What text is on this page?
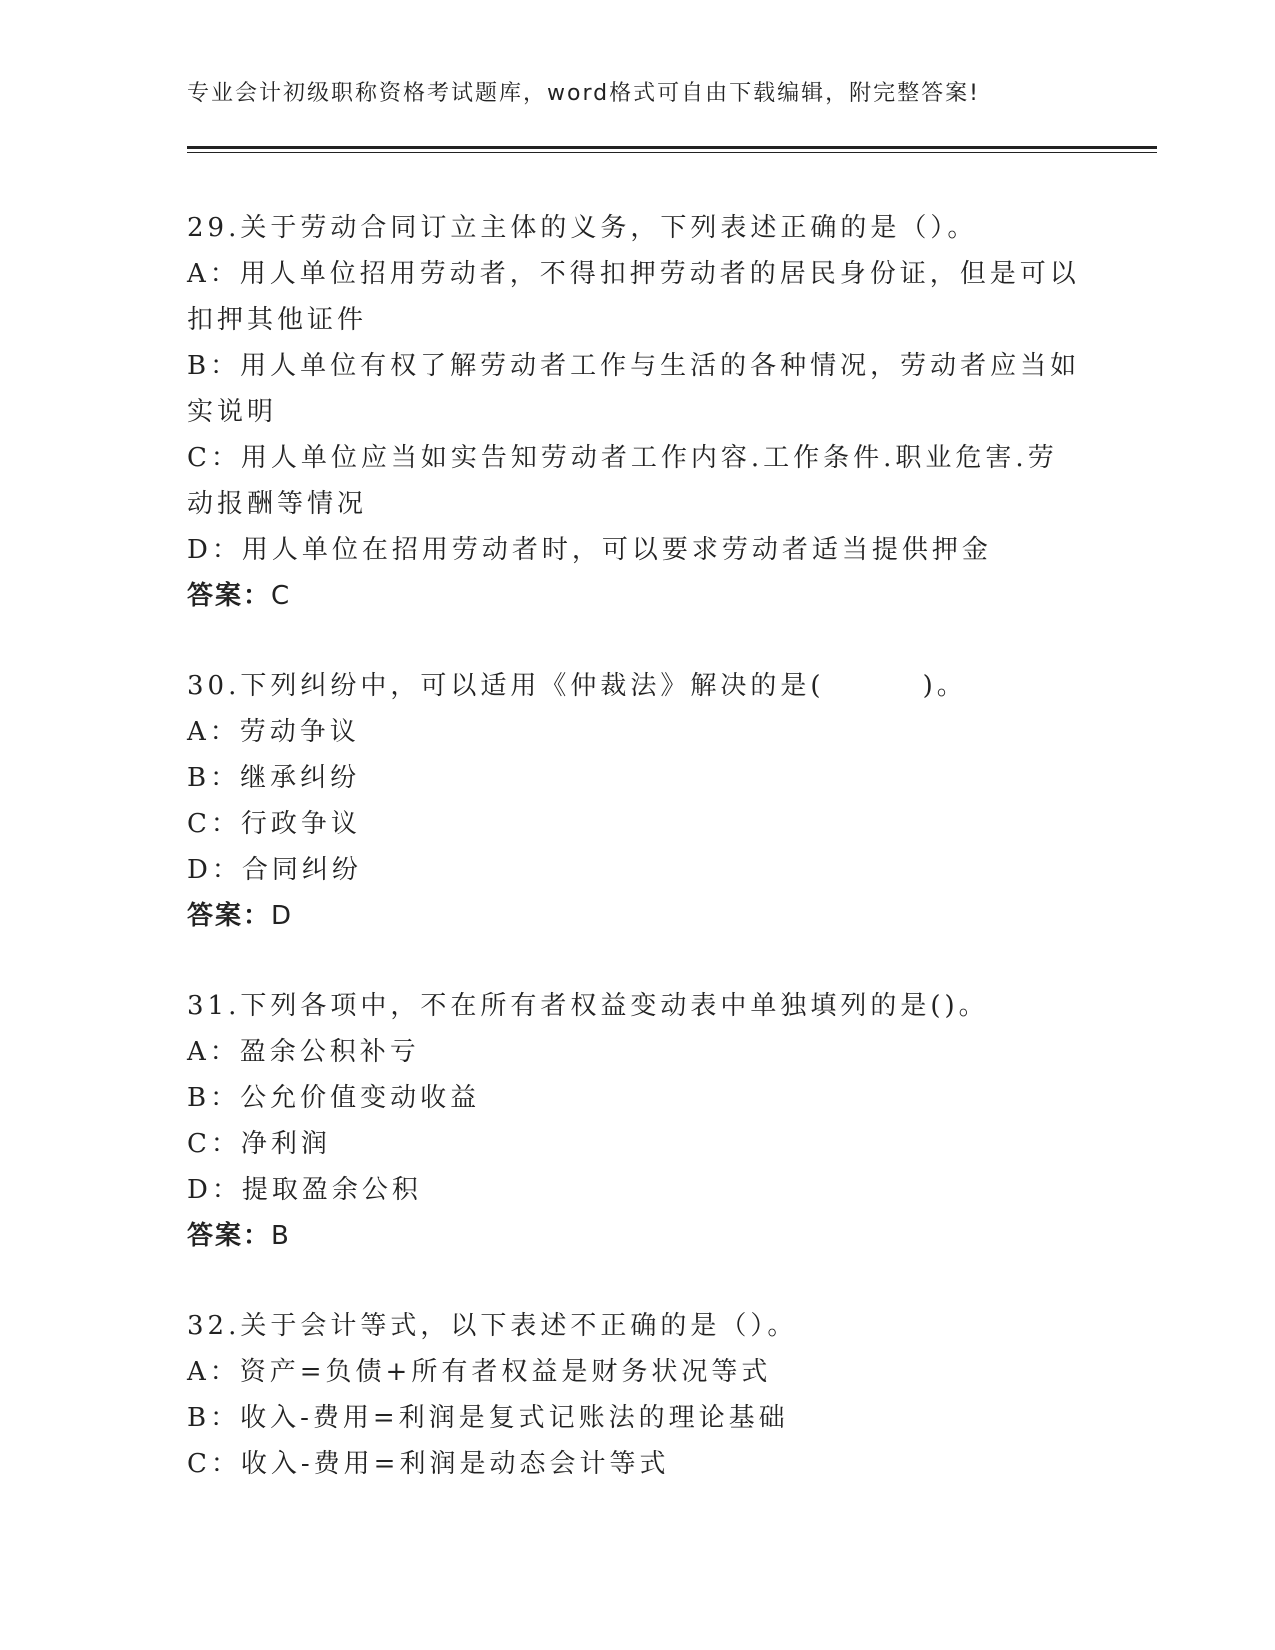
专业会计初级职称资格考试题库，word格式可自由下载编辑，附完整答案!

29.关于劳动合同订立主体的义务，下列表述正确的是（）。

A：用人单位招用劳动者，不得扣押劳动者的居民身份证，但是可以扣押其他证件

B：用人单位有权了解劳动者工作与生活的各种情况，劳动者应当如实说明

C：用人单位应当如实告知劳动者工作内容.工作条件.职业危害.劳动报酬等情况

D：用人单位在招用劳动者时，可以要求劳动者适当提供押金

答案：C

30.下列纠纷中，可以适用《仲裁法》解决的是(        )。

A：劳动争议

B：继承纠纷

C：行政争议

D：合同纠纷

答案：D

31.下列各项中，不在所有者权益变动表中单独填列的是()。

A：盈余公积补亏

B：公允价值变动收益

C：净利润

D：提取盈余公积

答案：B

32.关于会计等式，以下表述不正确的是（）。

A：资产=负债+所有者权益是财务状况等式

B：收入-费用=利润是复式记账法的理论基础

C：收入-费用=利润是动态会计等式
